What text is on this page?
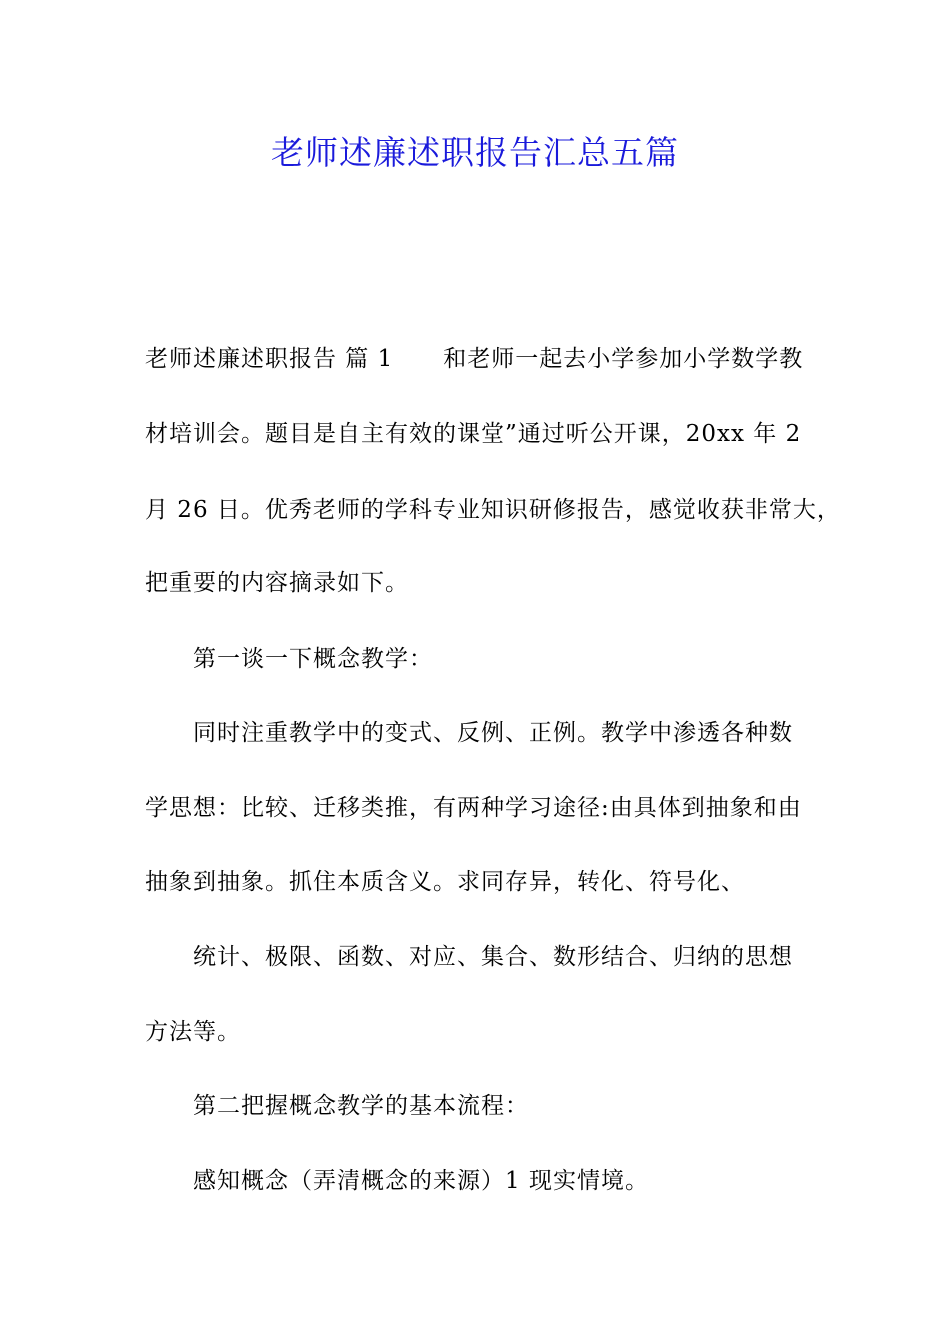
老师述廉述职报告汇总五篇
老师述廉述职报告 篇 1 和老师一起去小学参加小学数学教
材培训会。题目是自主有效的课堂”通过听公开课，20xx 年 2
月 26 日。优秀老师的学科专业知识研修报告，感觉收获非常大，
把重要的内容摘录如下。
第一谈一下概念教学：
同时注重教学中的变式、反例、正例。教学中渗透各种数
学思想：比较、迁移类推，有两种学习途径:由具体到抽象和由
抽象到抽象。抓住本质含义。求同存异，转化、符号化、
统计、极限、函数、对应、集合、数形结合、归纳的思想
方法等。
第二把握概念教学的基本流程：
感知概念（弄清概念的来源）1 现实情境。
